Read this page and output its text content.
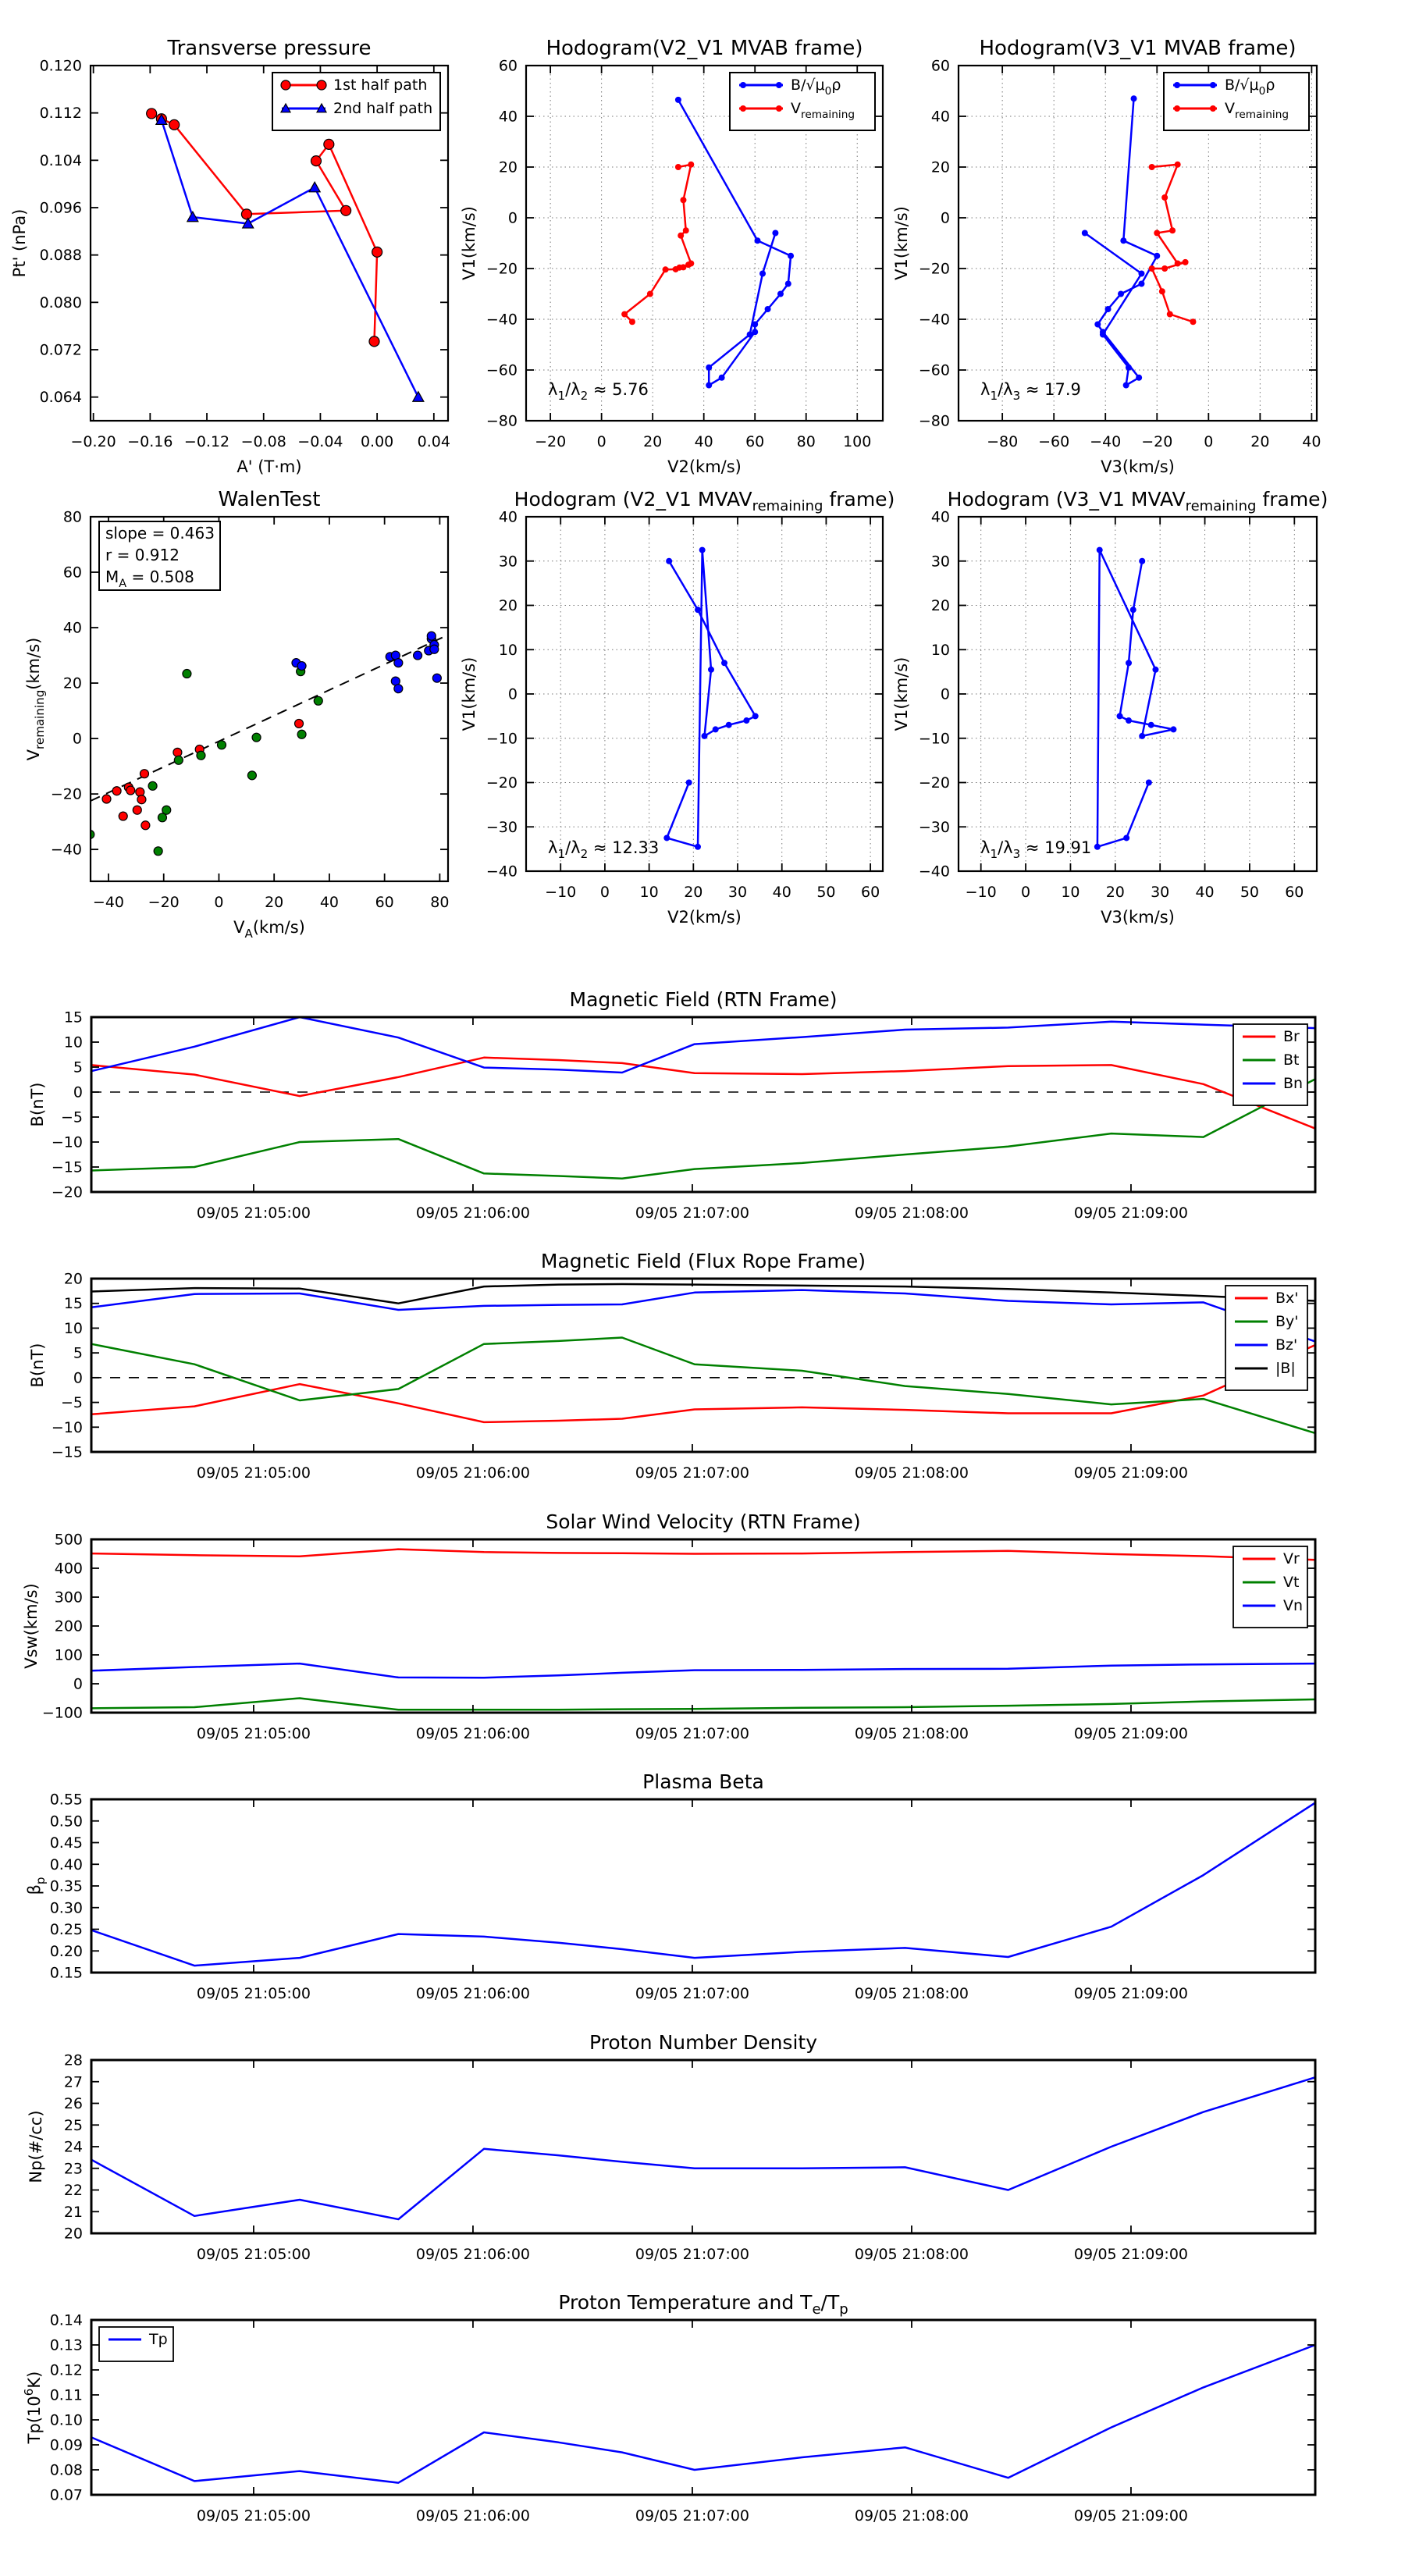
−0.20 −0.16 −0.12 −0.08 −0.04 0.00 0.04
0.064
0.072
0.080
0.088
0.096
0.104
0.112
0.120
Transverse pressure
A' (T·m)
Pt' (nPa)
1st half path
2nd half path
−20 0 20 40 60 80 100
−80
−60
−40
−20
0
20
40
60
Hodogram(V2_V1 MVAB frame)
V2(km/s)
V1(km/s)
$B/√\mu_0\rho$
$V_{remaining}$
$\lambda_1/\lambda_2 \approx 5.76$
−80 −60 −40 −20 0	20 40
−80
−60
−40
−20
0
20
40
60
Hodogram(V3_V1 MVAB frame)
V3(km/s)
V1(km/s)
$B/√\mu_0\rho$
$V_{remaining}$
$\lambda_1/\lambda_3 \approx 17.9$
−40 −20 0	20 40 60 80
−40
−20
0
20
40
60
80
WalenTest
$V_A(km/s)$
$V_{remaining}(km/s)$
slope = 0.463
r = 0.912
$M_A = 0.508$
−10 0 10 20 30 40 50 60
−40
−30
−20
−10
0
10
20
30
40
Hodogram (V2_V1 $MVAV_{remaining}$ frame)
V2(km/s)
V1(km/s)
$\lambda_1/\lambda_2 \approx 12.33$
−10 0 10 20 30 40 50 60
−40
−30
−20
−10
0
10
20
30
40
Hodogram (V3_V1 $MVAV_{remaining}$ frame)
V3(km/s)
V1(km/s)
$\lambda_1/\lambda_3 \approx 19.91$
09/05 21:05:00	09/05 21:06:00	09/05 21:07:00	09/05 21:08:00	09/05 21:09:00
−20
−15
−10
−5
0
5
10
15
Magnetic Field (RTN Frame)
B(nT)
Br
Bt
Bn
09/05 21:05:00	09/05 21:06:00	09/05 21:07:00	09/05 21:08:00	09/05 21:09:00
−15
−10
−5
0
5
10
15
20
Magnetic Field (Flux Rope Frame)
B(nT)
Bx'
By'
Bz'
|B|
09/05 21:05:00	09/05 21:06:00	09/05 21:07:00	09/05 21:08:00	09/05 21:09:00
−100
0
100
200
300
400
500
Solar Wind Velocity (RTN Frame)
Vsw(km/s)
Vr
Vt
Vn
09/05 21:05:00	09/05 21:06:00	09/05 21:07:00	09/05 21:08:00	09/05 21:09:00
0.15
0.20
0.25
0.30
0.35
0.40
0.45
0.50
0.55
Plasma Beta
$\beta_p$
09/05 21:05:00	09/05 21:06:00	09/05 21:07:00	09/05 21:08:00	09/05 21:09:00
20
21
22
23
24
25
26
27
28
Proton Number Density
Np(#/cc)
09/05 21:05:00	09/05 21:06:00	09/05 21:07:00	09/05 21:08:00	09/05 21:09:00
0.07
0.08
0.09
0.10
0.11
0.12
0.13
0.14
Proton Temperature and $T_e/T_p$
$Tp(10^6K)$
Tp
